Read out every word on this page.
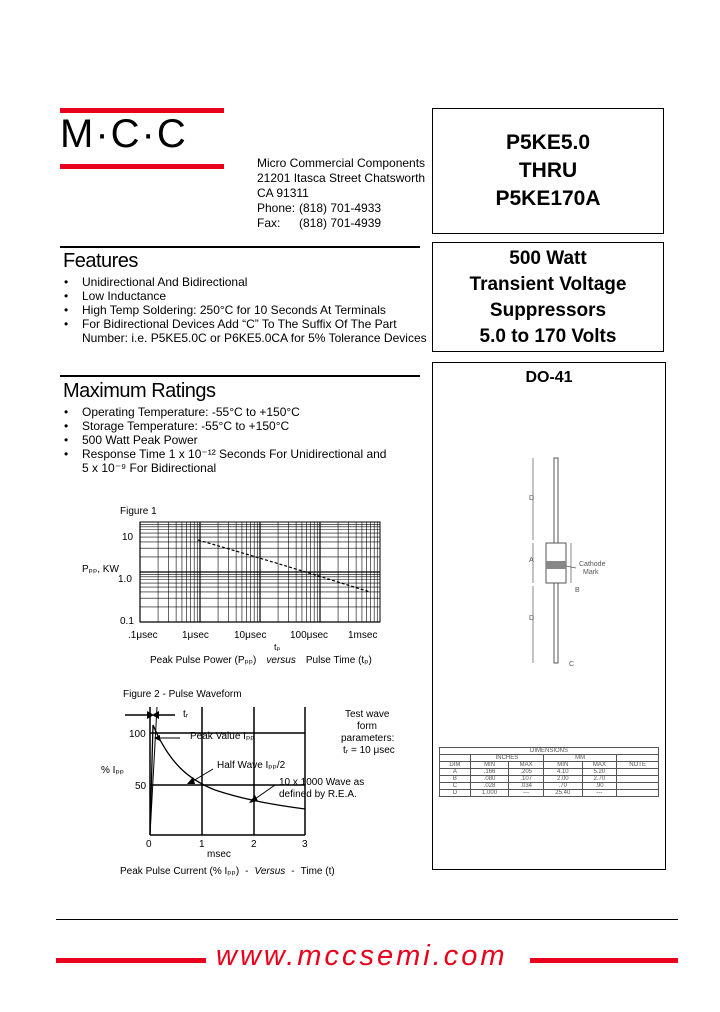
M·C·C
Micro Commercial Components
21201 Itasca Street Chatsworth
CA 91311
Phone: (818) 701-4933
Fax: (818) 701-4939
P5KE5.0
THRU
P5KE170A
500 Watt
Transient Voltage
Suppressors
5.0 to 170 Volts
Features
• Unidirectional And Bidirectional
• Low Inductance
• High Temp Soldering: 250°C for 10 Seconds At Terminals
• For Bidirectional Devices Add “C” To The Suffix Of The Part
Number: i.e. P5KE5.0C or P6KE5.0CA for 5% Tolerance Devices
Maximum Ratings
• Operating Temperature: -55°C to +150°C
• Storage Temperature: -55°C to +150°C
• 500 Watt Peak Power
• Response Time 1 x 10⁻¹² Seconds For Unidirectional and
5 x 10⁻⁹ For Bidirectional
Figure 1
10
1.0
0.1
Pₚₚ, KW
.1μsec 1μsec	10μsec 100μsec 1msec
tₚ
Peak Pulse Power (Pₚₚ) versus Pulse Time (tₚ)
Figure 2 - Pulse Waveform
tᵣ
Peak Value Iₚₚ
Half Wave Iₚₚ/2
10 x 1000 Wave as
defined by R.E.A.
Test wave
form
parameters:
tᵣ = 10 μsec
100
50
% Iₚₚ
0	1	2	3
msec
Peak Pulse Current (% Iₚₚ) - Versus - Time (t)
DO-41
D
A
D
Cathode
Mark
B
C
DIMENSIONS					
	INCHES		MM		
DIM	MIN	MAX	MIN	MAX	NOTE
A	.166	.205	4.10	5.20	
B	.080	.107	2.00	2.70	
C	.028	.034	.70	.90	
D	1.000	---	25.40	---	
www.mccsemi.com
